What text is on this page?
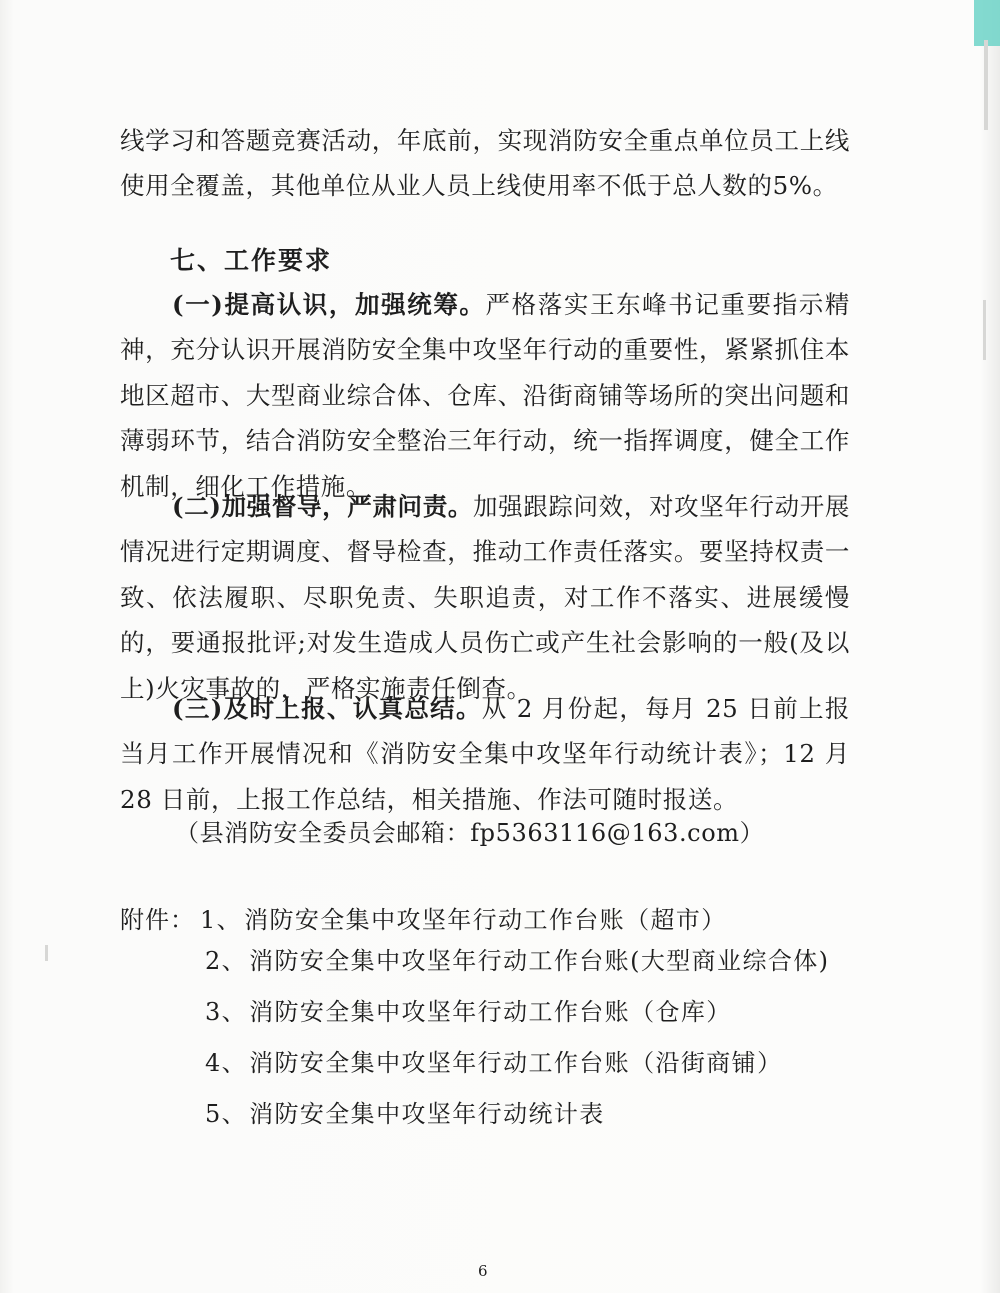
线学习和答题竞赛活动，年底前，实现消防安全重点单位员工上线使用全覆盖，其他单位从业人员上线使用率不低于总人数的5%。

七、工作要求

(一)提高认识，加强统筹。严格落实王东峰书记重要指示精神，充分认识开展消防安全集中攻坚年行动的重要性，紧紧抓住本地区超市、大型商业综合体、仓库、沿街商铺等场所的突出问题和薄弱环节，结合消防安全整治三年行动，统一指挥调度，健全工作机制，细化工作措施。

(二)加强督导，严肃问责。加强跟踪问效，对攻坚年行动开展情况进行定期调度、督导检查，推动工作责任落实。要坚持权责一致、依法履职、尽职免责、失职追责，对工作不落实、进展缓慢的，要通报批评;对发生造成人员伤亡或产生社会影响的一般(及以上)火灾事故的，严格实施责任倒查。

(三)及时上报、认真总结。从 2 月份起，每月 25 日前上报当月工作开展情况和《消防安全集中攻坚年行动统计表》；12 月 28 日前，上报工作总结，相关措施、作法可随时报送。

（县消防安全委员会邮箱：fp5363116@163.com）

附件： 1、消防安全集中攻坚年行动工作台账（超市）
2、消防安全集中攻坚年行动工作台账(大型商业综合体)
3、消防安全集中攻坚年行动工作台账（仓库）
4、消防安全集中攻坚年行动工作台账（沿街商铺）
5、消防安全集中攻坚年行动统计表
6
